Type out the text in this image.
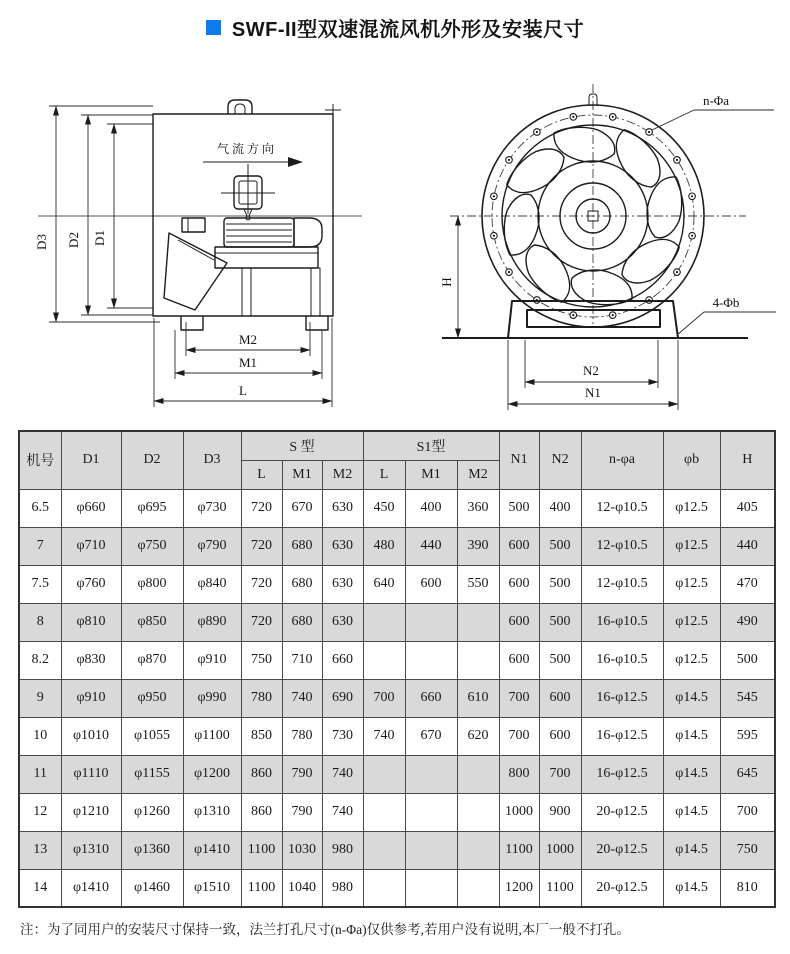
SWF-II型双速混流风机外形及安装尺寸
D3 D2 D1
气流方向
M2
M1
L
H
N2
N1
n-Φa
4-Φb
机号	D1	D2	D3	S 型			S1型			N1	N2	n-φa	φb	H
				L	M1	M2	L	M1	M2					
6.5	φ660	φ695	φ730	720	670	630	450	400	360	500	400	12-φ10.5	φ12.5	405
7	φ710	φ750	φ790	720	680	630	480	440	390	600	500	12-φ10.5	φ12.5	440
7.5	φ760	φ800	φ840	720	680	630	640	600	550	600	500	12-φ10.5	φ12.5	470
8	φ810	φ850	φ890	720	680	630				600	500	16-φ10.5	φ12.5	490
8.2	φ830	φ870	φ910	750	710	660				600	500	16-φ10.5	φ12.5	500
9	φ910	φ950	φ990	780	740	690	700	660	610	700	600	16-φ12.5	φ14.5	545
10	φ1010	φ1055	φ1100	850	780	730	740	670	620	700	600	16-φ12.5	φ14.5	595
11	φ1110	φ1155	φ1200	860	790	740				800	700	16-φ12.5	φ14.5	645
12	φ1210	φ1260	φ1310	860	790	740				1000	900	20-φ12.5	φ14.5	700
13	φ1310	φ1360	φ1410	1100	1030	980				1100	1000	20-φ12.5	φ14.5	750
14	φ1410	φ1460	φ1510	1100	1040	980				1200	1100	20-φ12.5	φ14.5	810
注：为了同用户的安装尺寸保持一致，法兰打孔尺寸(n-Φa)仅供参考,若用户没有说明,本厂一般不打孔。
